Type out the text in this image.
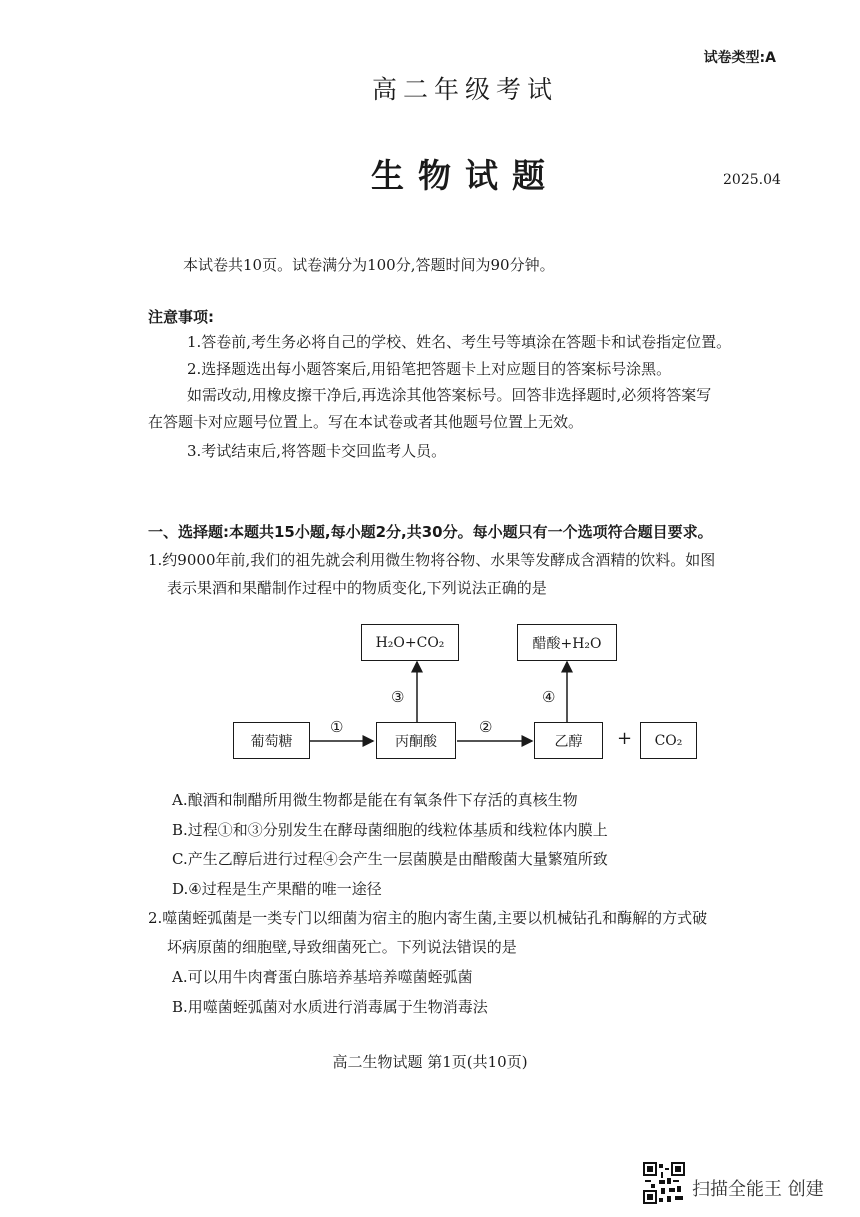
试卷类型:A
高二年级考试
生物试题	2025.04
本试卷共10页。试卷满分为100分,答题时间为90分钟。
注意事项:
1.答卷前,考生务必将自己的学校、姓名、考生号等填涂在答题卡和试卷指定位置。
2.选择题选出每小题答案后,用铅笔把答题卡上对应题目的答案标号涂黑。
如需改动,用橡皮擦干净后,再选涂其他答案标号。回答非选择题时,必须将答案写
在答题卡对应题号位置上。写在本试卷或者其他题号位置上无效。
3.考试结束后,将答题卡交回监考人员。
一、选择题:本题共15小题,每小题2分,共30分。每小题只有一个选项符合题目要求。
1.约9000年前,我们的祖先就会利用微生物将谷物、水果等发酵成含酒精的饮料。如图
表示果酒和果醋制作过程中的物质变化,下列说法正确的是
葡萄糖	丙酮酸	乙醇	CO₂
H₂O+CO₂	醋酸+H₂O
①	②
③	④
+
A.酿酒和制醋所用微生物都是能在有氧条件下存活的真核生物
B.过程①和③分别发生在酵母菌细胞的线粒体基质和线粒体内膜上
C.产生乙醇后进行过程④会产生一层菌膜是由醋酸菌大量繁殖所致
D.④过程是生产果醋的唯一途径
2.噬菌蛭弧菌是一类专门以细菌为宿主的胞内寄生菌,主要以机械钻孔和酶解的方式破
坏病原菌的细胞壁,导致细菌死亡。下列说法错误的是
A.可以用牛肉膏蛋白胨培养基培养噬菌蛭弧菌
B.用噬菌蛭弧菌对水质进行消毒属于生物消毒法
高二生物试题 第1页(共10页)
扫描全能王 创建
